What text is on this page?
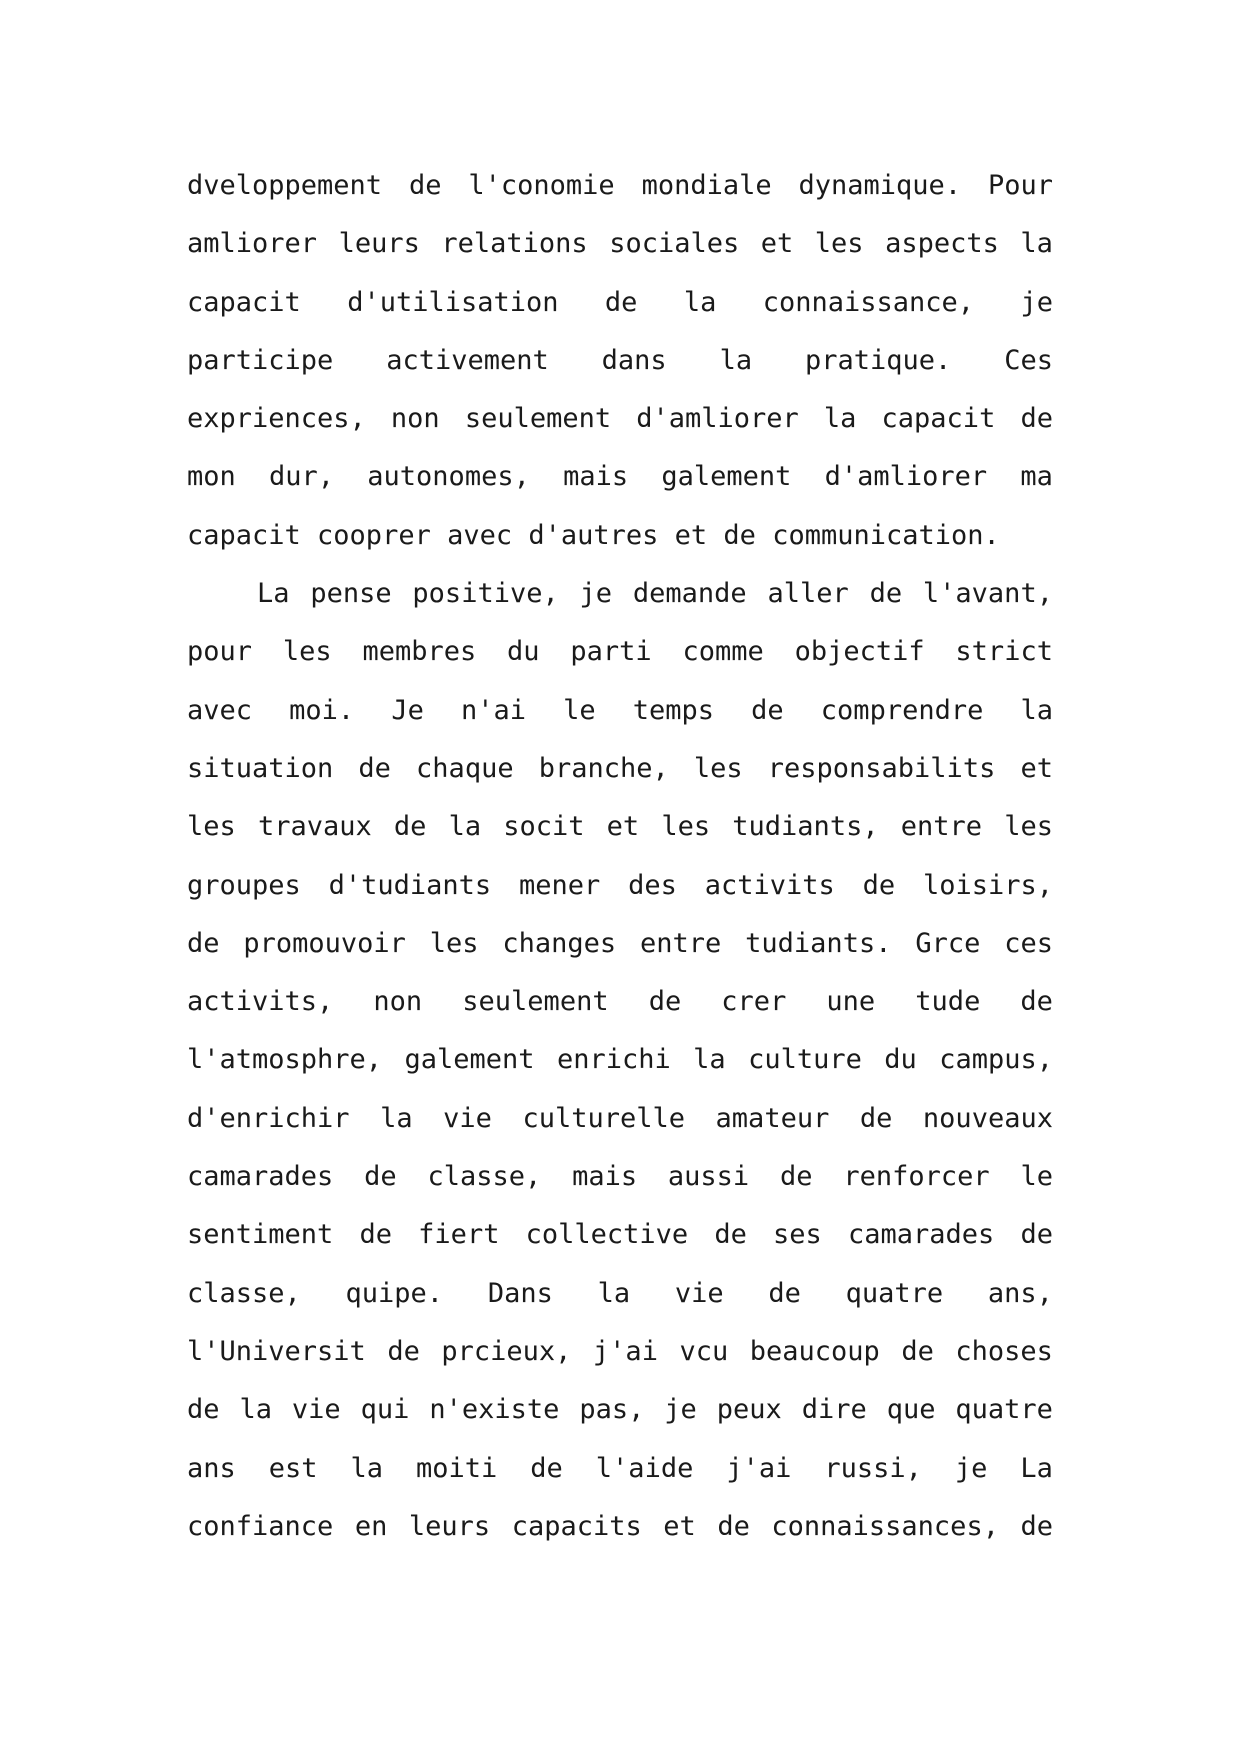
dveloppement de l'conomie mondiale dynamique. Pour
amliorer leurs relations sociales et les aspects la
capacit d'utilisation de la connaissance, je
participe activement dans la pratique. Ces
expriences, non seulement d'amliorer la capacit de
mon dur, autonomes, mais galement d'amliorer ma
capacit cooprer avec d'autres et de communication.
La pense positive, je demande aller de l'avant,
pour les membres du parti comme objectif strict
avec moi. Je n'ai le temps de comprendre la
situation de chaque branche, les responsabilits et
les travaux de la socit et les tudiants, entre les
groupes d'tudiants mener des activits de loisirs,
de promouvoir les changes entre tudiants. Grce ces
activits, non seulement de crer une tude de
l'atmosphre, galement enrichi la culture du campus,
d'enrichir la vie culturelle amateur de nouveaux
camarades de classe, mais aussi de renforcer le
sentiment de fiert collective de ses camarades de
classe, quipe. Dans la vie de quatre ans,
l'Universit de prcieux, j'ai vcu beaucoup de choses
de la vie qui n'existe pas, je peux dire que quatre
ans est la moiti de l'aide j'ai russi, je La
confiance en leurs capacits et de connaissances, de
